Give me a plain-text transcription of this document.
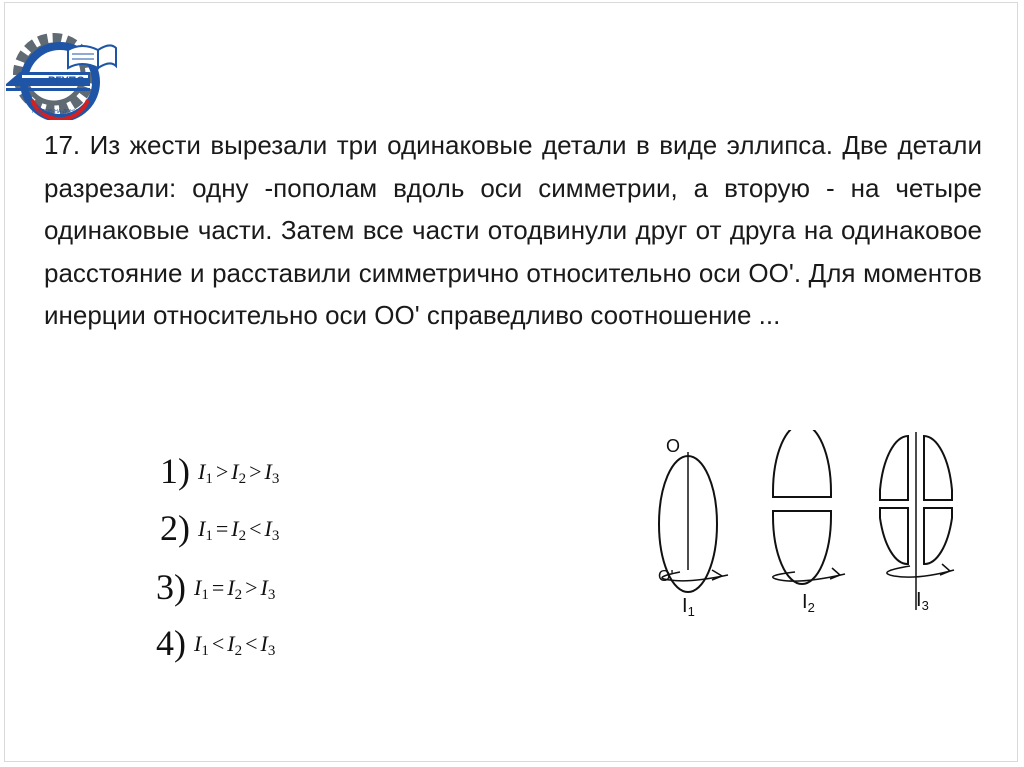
РГУПС
РОСТОВ-НА-ДОНУ

17. Из жести вырезали три одинаковые детали в виде эллипса. Две детали разрезали: одну -пополам вдоль оси симметрии, а вторую - на четыре одинаковые части. Затем все части отодвинули друг от друга на одинаковое расстояние и расставили симметрично относительно оси ОО'. Для моментов инерции относительно оси ОО' справедливо соотношение ...

1) $I_1 > I_2 > I_3$
2) $I_1 = I_2 < I_3$
3) $I_1 = I_2 > I_3$
4) $I_1 < I_2 < I_3$
O
O'
$I_1$	$I_2$	$I_3$
